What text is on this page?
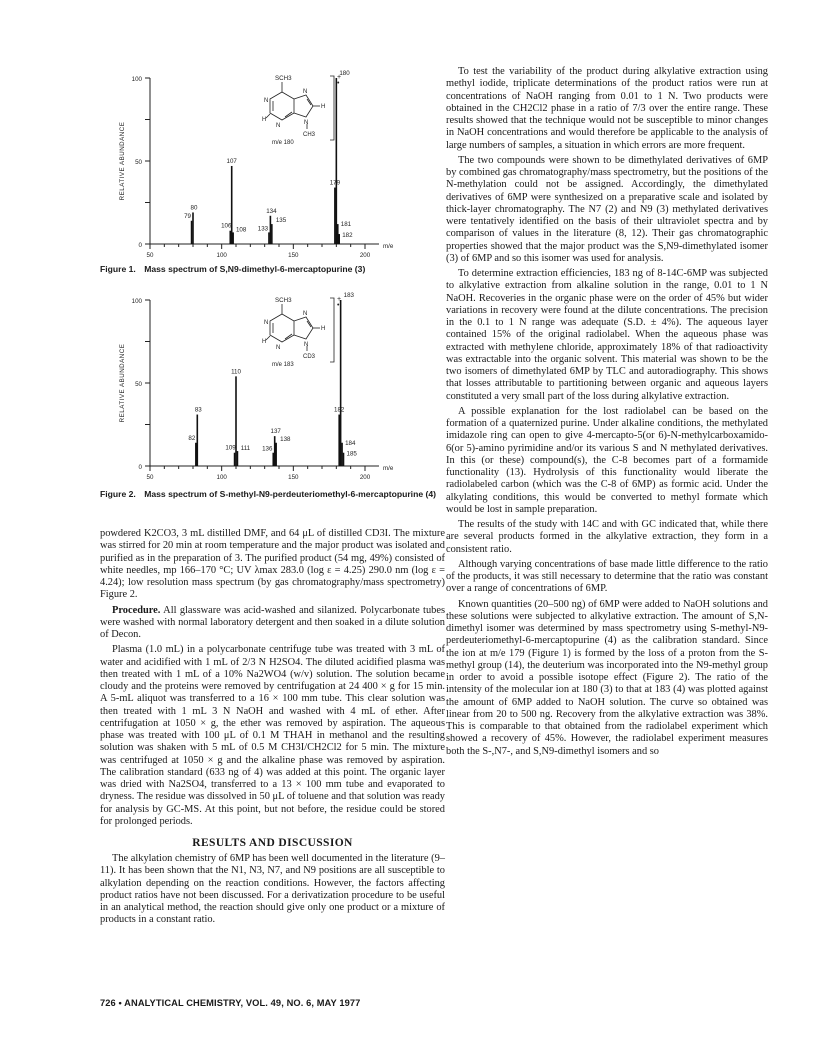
100
50
0
50	100	150	200
m/e
RELATIVE ABUNDANCE
79
80
106
107
108 133
134
135
179
180
181
182
SCH3
N
N
H
N
N
H
CH3
m/e 180
+
•

Figure 1. Mass spectrum of S,N9-dimethyl-6-mercaptopurine (3)

100
50
0
50	100	150	200
m/e
RELATIVE ABUNDANCE
82
83
109
110
111 136
137
138
182
183
184
185
SCH3
N
N
H
N
N
H
CD3
m/e 183
+
•

Figure 2. Mass spectrum of S-methyl-N9-perdeuteriomethyl-6-mercaptopurine (4)

powdered K2CO3, 3 mL distilled DMF, and 64 μL of distilled CD3I. The mixture was stirred for 20 min at room temperature and the major product was isolated and purified as in the preparation of 3. The purified product (54 mg, 49%) consisted of white needles, mp 166–170 °C; UV λmax 283.0 (log ε = 4.25) 290.0 nm (log ε = 4.24); low resolution mass spectrum (by gas chromatography/mass spectrometry) Figure 2.

Procedure. All glassware was acid-washed and silanized. Polycarbonate tubes were washed with normal laboratory detergent and then soaked in a dilute solution of Decon.

Plasma (1.0 mL) in a polycarbonate centrifuge tube was treated with 3 mL of water and acidified with 1 mL of 2/3 N H2SO4. The diluted acidified plasma was then treated with 1 mL of a 10% Na2WO4 (w/v) solution. The solution became cloudy and the proteins were removed by centrifugation at 24 400 × g for 15 min. A 5-mL aliquot was transferred to a 16 × 100 mm tube. This clear solution was then treated with 1 mL 3 N NaOH and washed with 4 mL of ether. After centrifugation at 1050 × g, the ether was removed by aspiration. The aqueous phase was treated with 100 μL of 0.1 M THAH in methanol and the resulting solution was shaken with 5 mL of 0.5 M CH3I/CH2Cl2 for 5 min. The mixture was centrifuged at 1050 × g and the alkaline phase was removed by aspiration. The calibration standard (633 ng of 4) was added at this point. The organic layer was dried with Na2SO4, transferred to a 13 × 100 mm tube and evaporated to dryness. The residue was dissolved in 50 μL of toluene and that solution was ready for analysis by GC-MS. At this point, but not before, the residue could be stored for prolonged periods.

RESULTS AND DISCUSSION

The alkylation chemistry of 6MP has been well documented in the literature (9–11). It has been shown that the N1, N3, N7, and N9 positions are all susceptible to alkylation depending on the reaction conditions. However, the factors affecting product ratios have not been discussed. For a derivatization procedure to be useful in an analytical method, the reaction should give only one product or a mixture of products in a constant ratio.

To test the variability of the product during alkylative extraction using methyl iodide, triplicate determinations of the product ratios were run at concentrations of NaOH ranging from 0.01 to 1 N. Two products were obtained in the CH2Cl2 phase in a ratio of 7/3 over the entire range. These results showed that the technique would not be susceptible to minor changes in NaOH concentrations and would therefore be applicable to the analysis of large numbers of samples, a situation in which errors are more frequent.

The two compounds were shown to be dimethylated derivatives of 6MP by combined gas chromatography/mass spectrometry, but the positions of the N-methylation could not be assigned. Accordingly, the dimethylated derivatives of 6MP were synthesized on a preparative scale and isolated by thick-layer chromatography. The N7 (2) and N9 (3) methylated derivatives were tentatively identified on the basis of their ultraviolet spectra and by comparison of values in the literature (8, 12). Their gas chromatographic properties showed that the major product was the S,N9-dimethylated isomer (3) of 6MP and so this isomer was used for analysis.

To determine extraction efficiencies, 183 ng of 8-14C-6MP was subjected to alkylative extraction from alkaline solution in the range, 0.01 to 1 N NaOH. Recoveries in the organic phase were on the order of 45% but wider variations in recovery were found at the dilute concentrations. The precision in the 0.1 to 1 N range was adequate (S.D. ± 4%). The aqueous layer contained 15% of the original radiolabel. When the aqueous phase was extracted with methylene chloride, approximately 18% of that radioactivity was extractable into the organic solvent. This material was shown to be the two isomers of dimethylated 6MP by TLC and autoradiography. This shows that losses attributable to partitioning between organic and aqueous layers constituted a very small part of the loss during alkylative extraction.

A possible explanation for the lost radiolabel can be based on the formation of a quaternized purine. Under alkaline conditions, the methylated imidazole ring can open to give 4-mercapto-5(or 6)-N-methylcarboxamido-6(or 5)-amino pyrimidine and/or its various S and N methylated derivatives. In this (or these) compound(s), the C-8 becomes part of a formamide functionality (13). Hydrolysis of this functionality would liberate the radiolabeled carbon (which was the C-8 of 6MP) as formic acid. Under the alkylating conditions, this would be converted to methyl formate which would be lost in sample preparation.

The results of the study with 14C and with GC indicated that, while there are several products formed in the alkylative extraction, they form in a consistent ratio.

Although varying concentrations of base made little difference to the ratio of the products, it was still necessary to determine that the ratio was constant over a range of concentrations of 6MP.

Known quantities (20–500 ng) of 6MP were added to NaOH solutions and these solutions were subjected to alkylative extraction. The amount of S,N-dimethyl isomer was determined by mass spectrometry using S-methyl-N9-perdeuteriomethyl-6-mercaptopurine (4) as the calibration standard. Since the ion at m/e 179 (Figure 1) is formed by the loss of a proton from the S-methyl group (14), the deuterium was incorporated into the N9-methyl group in order to avoid a possible isotope effect (Figure 2). The ratio of the intensity of the molecular ion at 180 (3) to that at 183 (4) was plotted against the amount of 6MP added to NaOH solution. The curve so obtained was linear from 20 to 500 ng. Recovery from the alkylative extraction was 38%. This is comparable to that obtained from the radiolabel experiment which showed a recovery of 45%. However, the radiolabel experiment measures both the S-,N7-, and S,N9-dimethyl isomers and so

726 • ANALYTICAL CHEMISTRY, VOL. 49, NO. 6, MAY 1977
